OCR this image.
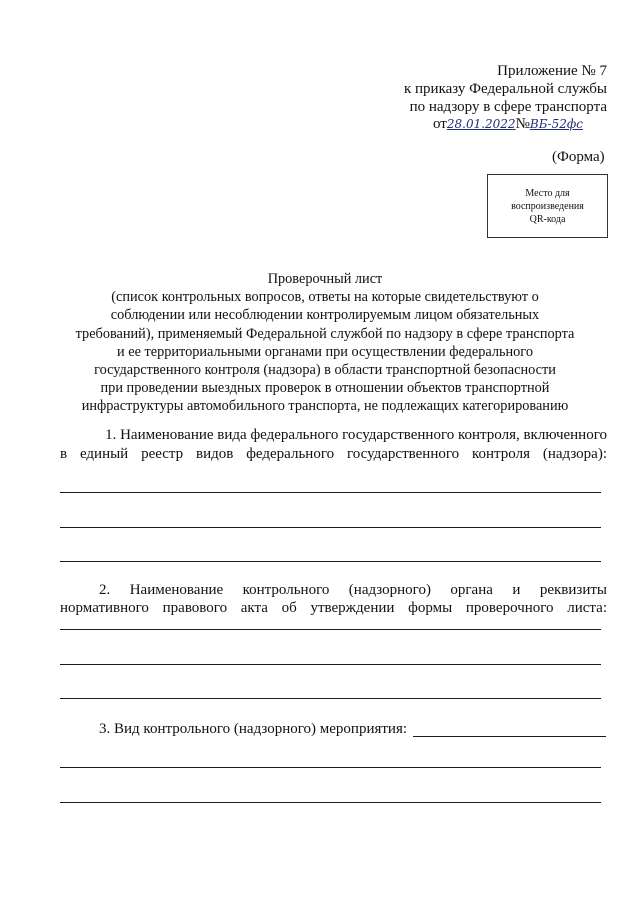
Приложение № 7
к приказу Федеральной службы
по надзору в сфере транспорта
от28.01.2022№ВБ-52фс
(Форма)
Место для
воспроизведения
QR-кода
Проверочный лист
(список контрольных вопросов, ответы на которые свидетельствуют о
соблюдении или несоблюдении контролируемым лицом обязательных
требований), применяемый Федеральной службой по надзору в сфере транспорта
и ее территориальными органами при осуществлении федерального
государственного контроля (надзора) в области транспортной безопасности
при проведении выездных проверок в отношении объектов транспортной
инфраструктуры автомобильного транспорта, не подлежащих категорированию
1. Наименование вида федерального государственного контроля, включенного
в единый реестр видов федерального государственного контроля (надзора):
2. Наименование контрольного (надзорного) органа и реквизиты
нормативного правового акта об утверждении формы проверочного листа:
3. Вид контрольного (надзорного) мероприятия:
